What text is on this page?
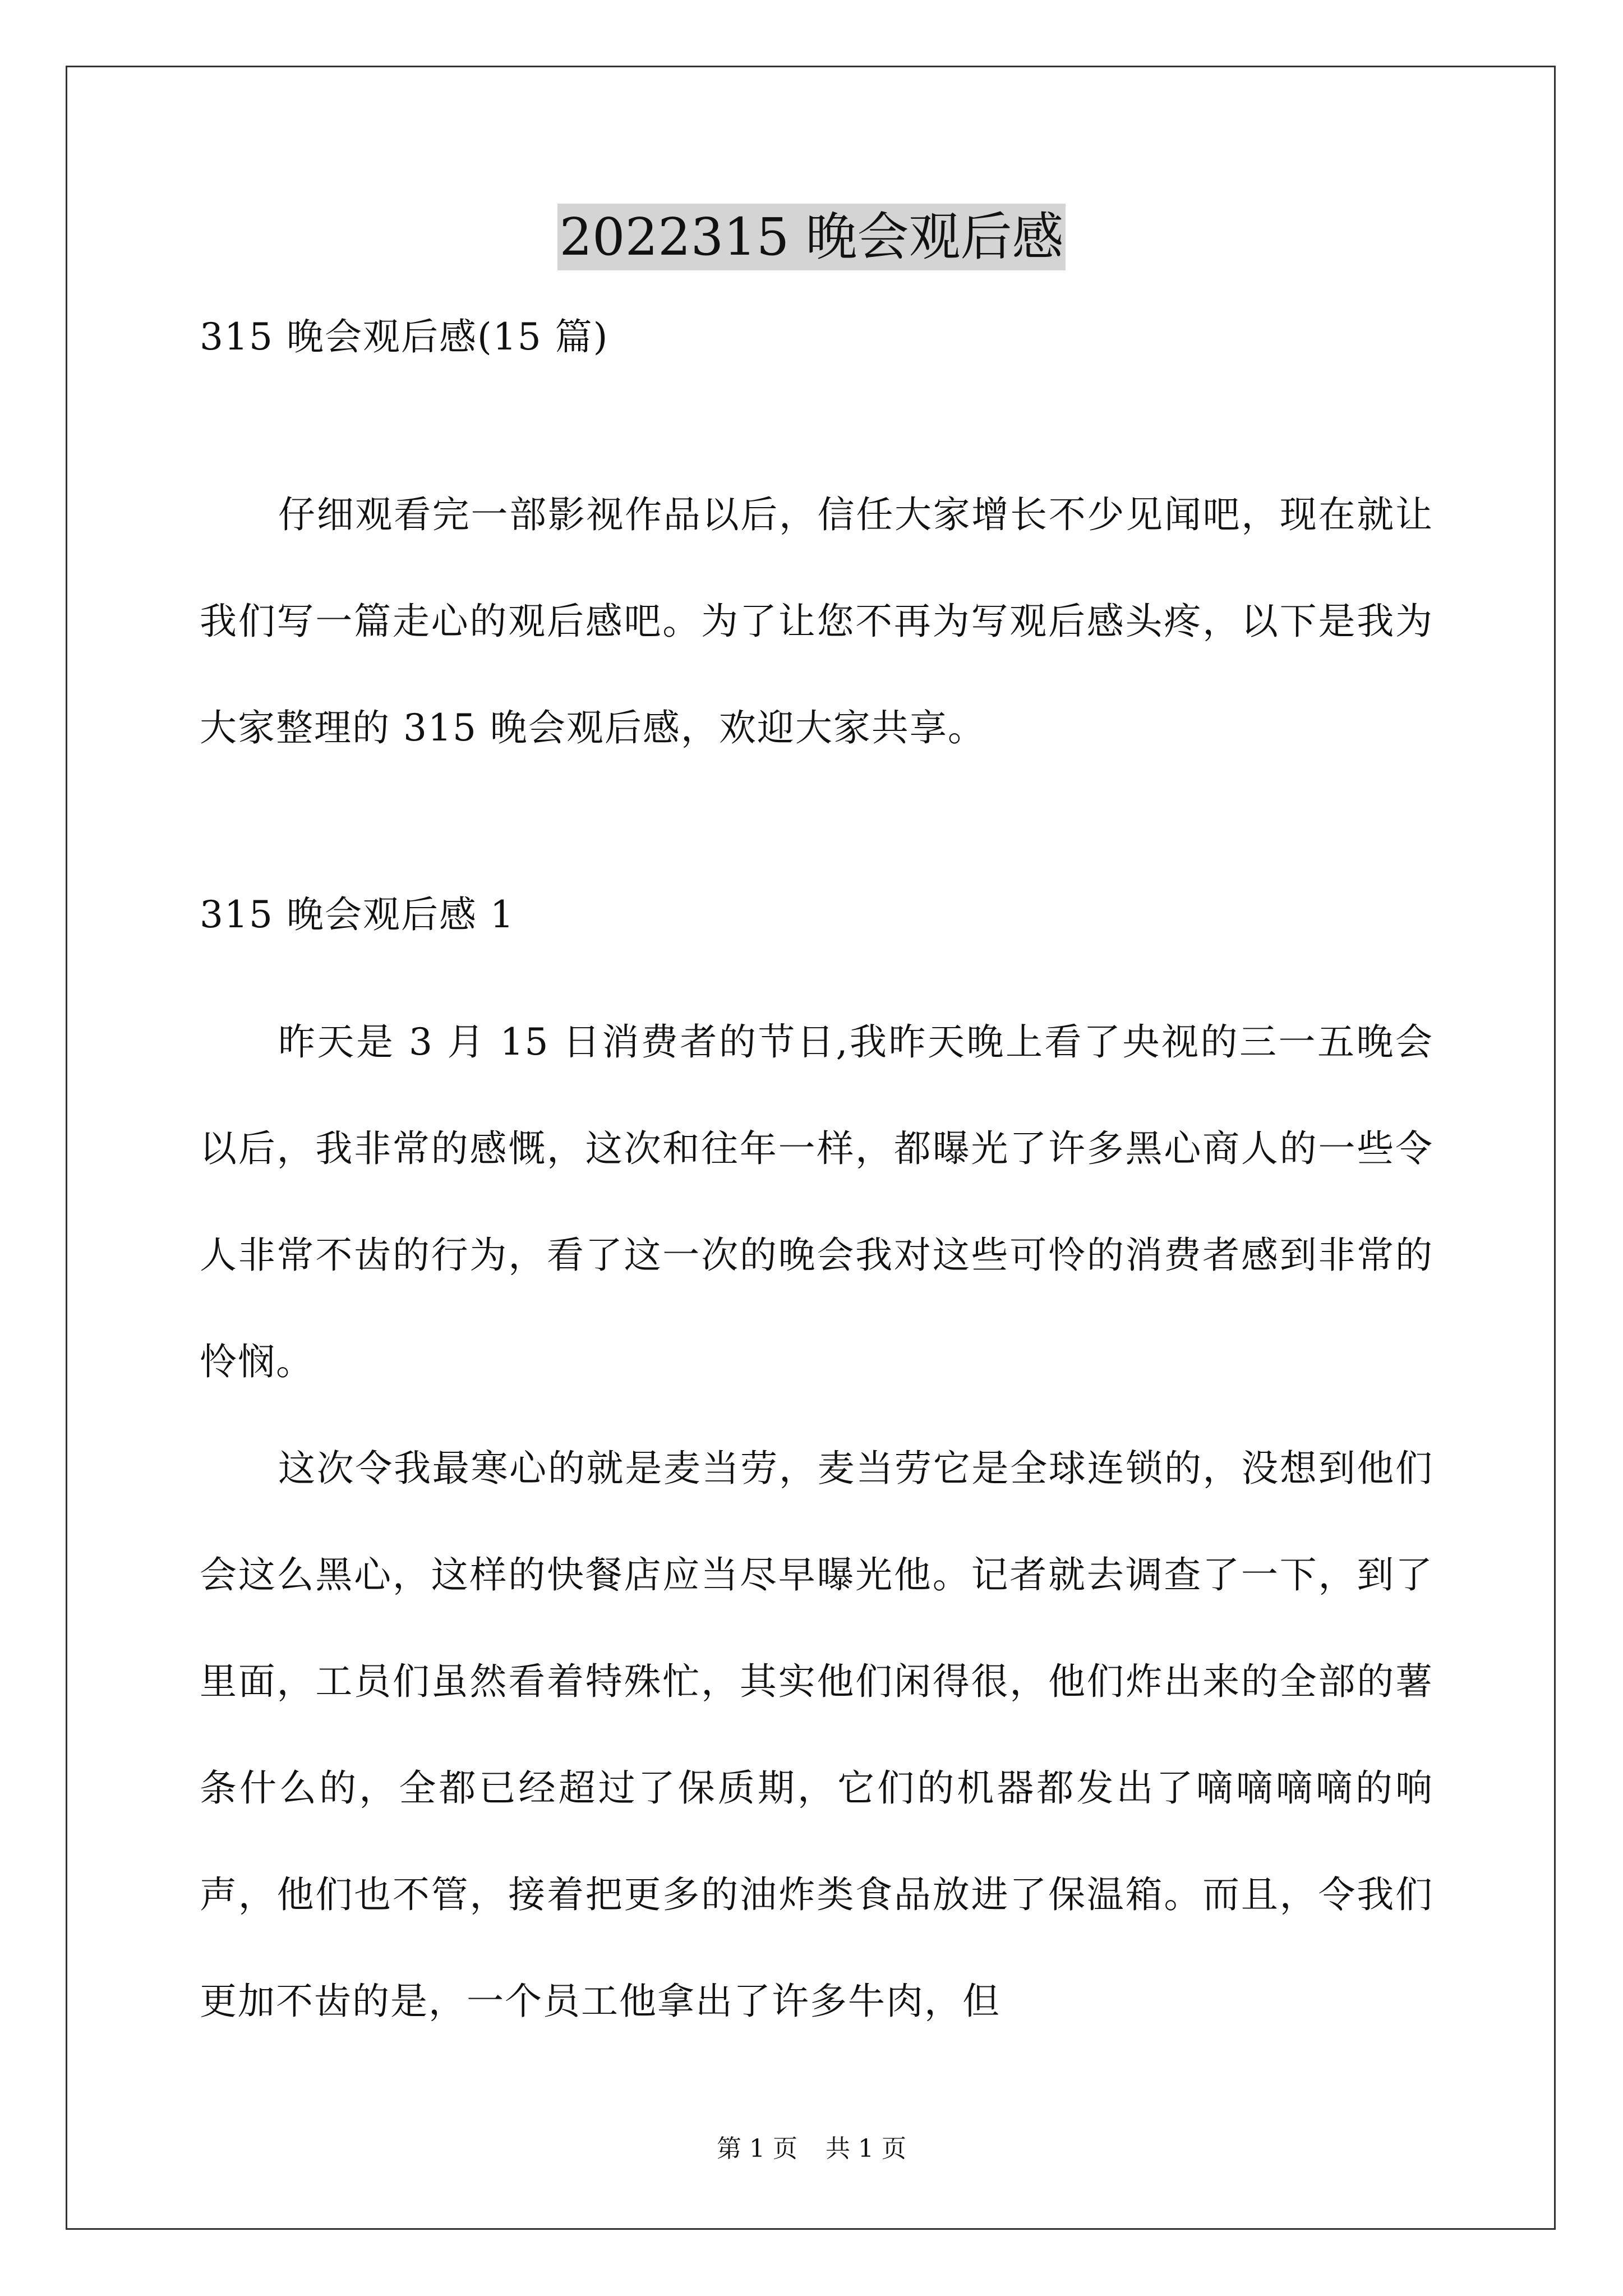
2022315 晚会观后感
315 晚会观后感(15 篇)

仔细观看完一部影视作品以后，信任大家增长不少见闻吧，现在就让我们写一篇走心的观后感吧。为了让您不再为写观后感头疼，以下是我为大家整理的 315 晚会观后感，欢迎大家共享。

315 晚会观后感 1

昨天是 3 月 15 日消费者的节日,我昨天晚上看了央视的三一五晚会以后，我非常的感慨，这次和往年一样，都曝光了许多黑心商人的一些令人非常不齿的行为，看了这一次的晚会我对这些可怜的消费者感到非常的怜悯。

这次令我最寒心的就是麦当劳，麦当劳它是全球连锁的，没想到他们会这么黑心，这样的快餐店应当尽早曝光他。记者就去调查了一下，到了里面，工员们虽然看着特殊忙，其实他们闲得很，他们炸出来的全部的薯条什么的，全都已经超过了保质期，它们的机器都发出了嘀嘀嘀嘀的响声，他们也不管，接着把更多的油炸类食品放进了保温箱。而且，令我们更加不齿的是，一个员工他拿出了许多牛肉，但

第 1 页 共 1 页
